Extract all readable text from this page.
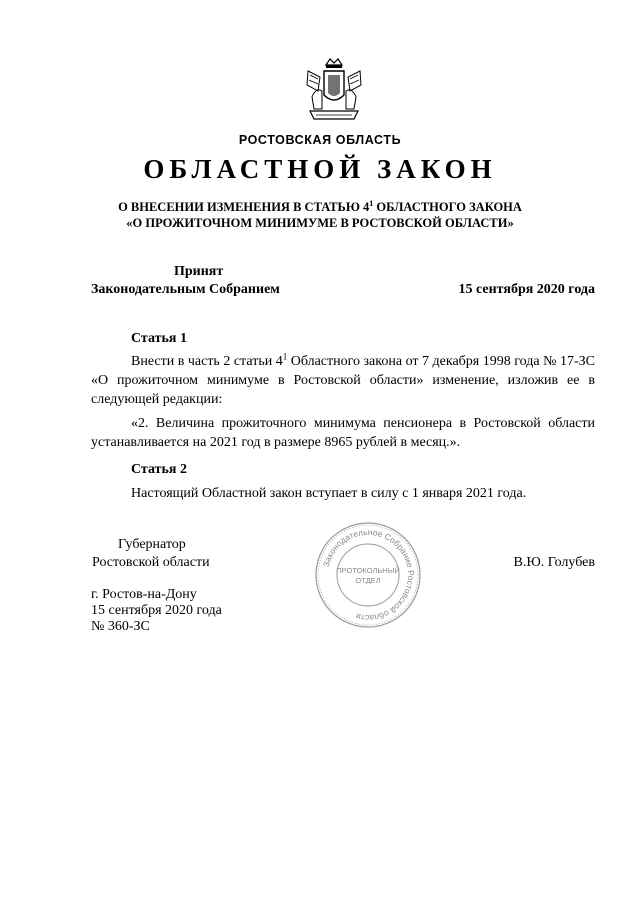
РОСТОВСКАЯ ОБЛАСТЬ
ОБЛАСТНОЙ ЗАКОН
О ВНЕСЕНИИ ИЗМЕНЕНИЯ В СТАТЬЮ $4^1$ ОБЛАСТНОГО ЗАКОНА
«О ПРОЖИТОЧНОМ МИНИМУМЕ В РОСТОВСКОЙ ОБЛАСТИ»
Принят
Законодательным Собранием	15 сентября 2020 года
Статья 1
Внести в часть 2 статьи $4^1$ Областного закона от 7 декабря 1998 года № 17-ЗС «О прожиточном минимуме в Ростовской области» изменение, изложив ее в следующей редакции:
«2. Величина прожиточного минимума пенсионера в Ростовской области устанавливается на 2021 год в размере 8965 рублей в месяц.».
Статья 2
Настоящий Областной закон вступает в силу с 1 января 2021 года.
Губернатор
Ростовской области	В.Ю. Голубев
Законодательное Собрание Ростовской области
ПРОТОКОЛЬНЫЙ
ОТДЕЛ
г. Ростов-на-Дону
15 сентября 2020 года
№ 360-ЗС
